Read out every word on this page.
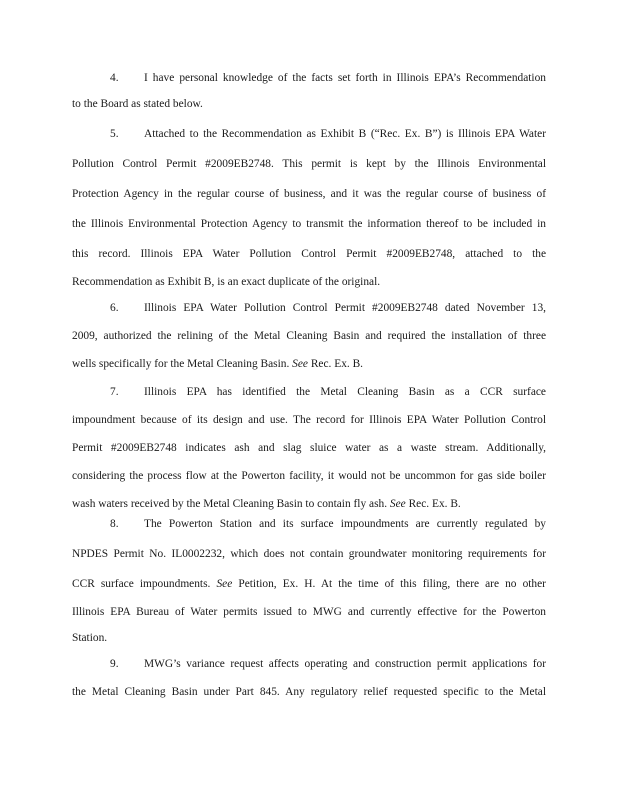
4. I have personal knowledge of the facts set forth in Illinois EPA’s Recommendation
to the Board as stated below.
5. Attached to the Recommendation as Exhibit B (“Rec. Ex. B”) is Illinois EPA Water
Pollution Control Permit #2009EB2748. This permit is kept by the Illinois Environmental
Protection Agency in the regular course of business, and it was the regular course of business of
the Illinois Environmental Protection Agency to transmit the information thereof to be included in
this record. Illinois EPA Water Pollution Control Permit #2009EB2748, attached to the
Recommendation as Exhibit B, is an exact duplicate of the original.
6. Illinois EPA Water Pollution Control Permit #2009EB2748 dated November 13,
2009, authorized the relining of the Metal Cleaning Basin and required the installation of three
wells specifically for the Metal Cleaning Basin. See Rec. Ex. B.
7. Illinois EPA has identified the Metal Cleaning Basin as a CCR surface
impoundment because of its design and use. The record for Illinois EPA Water Pollution Control
Permit #2009EB2748 indicates ash and slag sluice water as a waste stream. Additionally,
considering the process flow at the Powerton facility, it would not be uncommon for gas side boiler
wash waters received by the Metal Cleaning Basin to contain fly ash. See Rec. Ex. B.
8. The Powerton Station and its surface impoundments are currently regulated by
NPDES Permit No. IL0002232, which does not contain groundwater monitoring requirements for
CCR surface impoundments. See Petition, Ex. H. At the time of this filing, there are no other
Illinois EPA Bureau of Water permits issued to MWG and currently effective for the Powerton
Station.
9. MWG’s variance request affects operating and construction permit applications for
the Metal Cleaning Basin under Part 845. Any regulatory relief requested specific to the Metal
